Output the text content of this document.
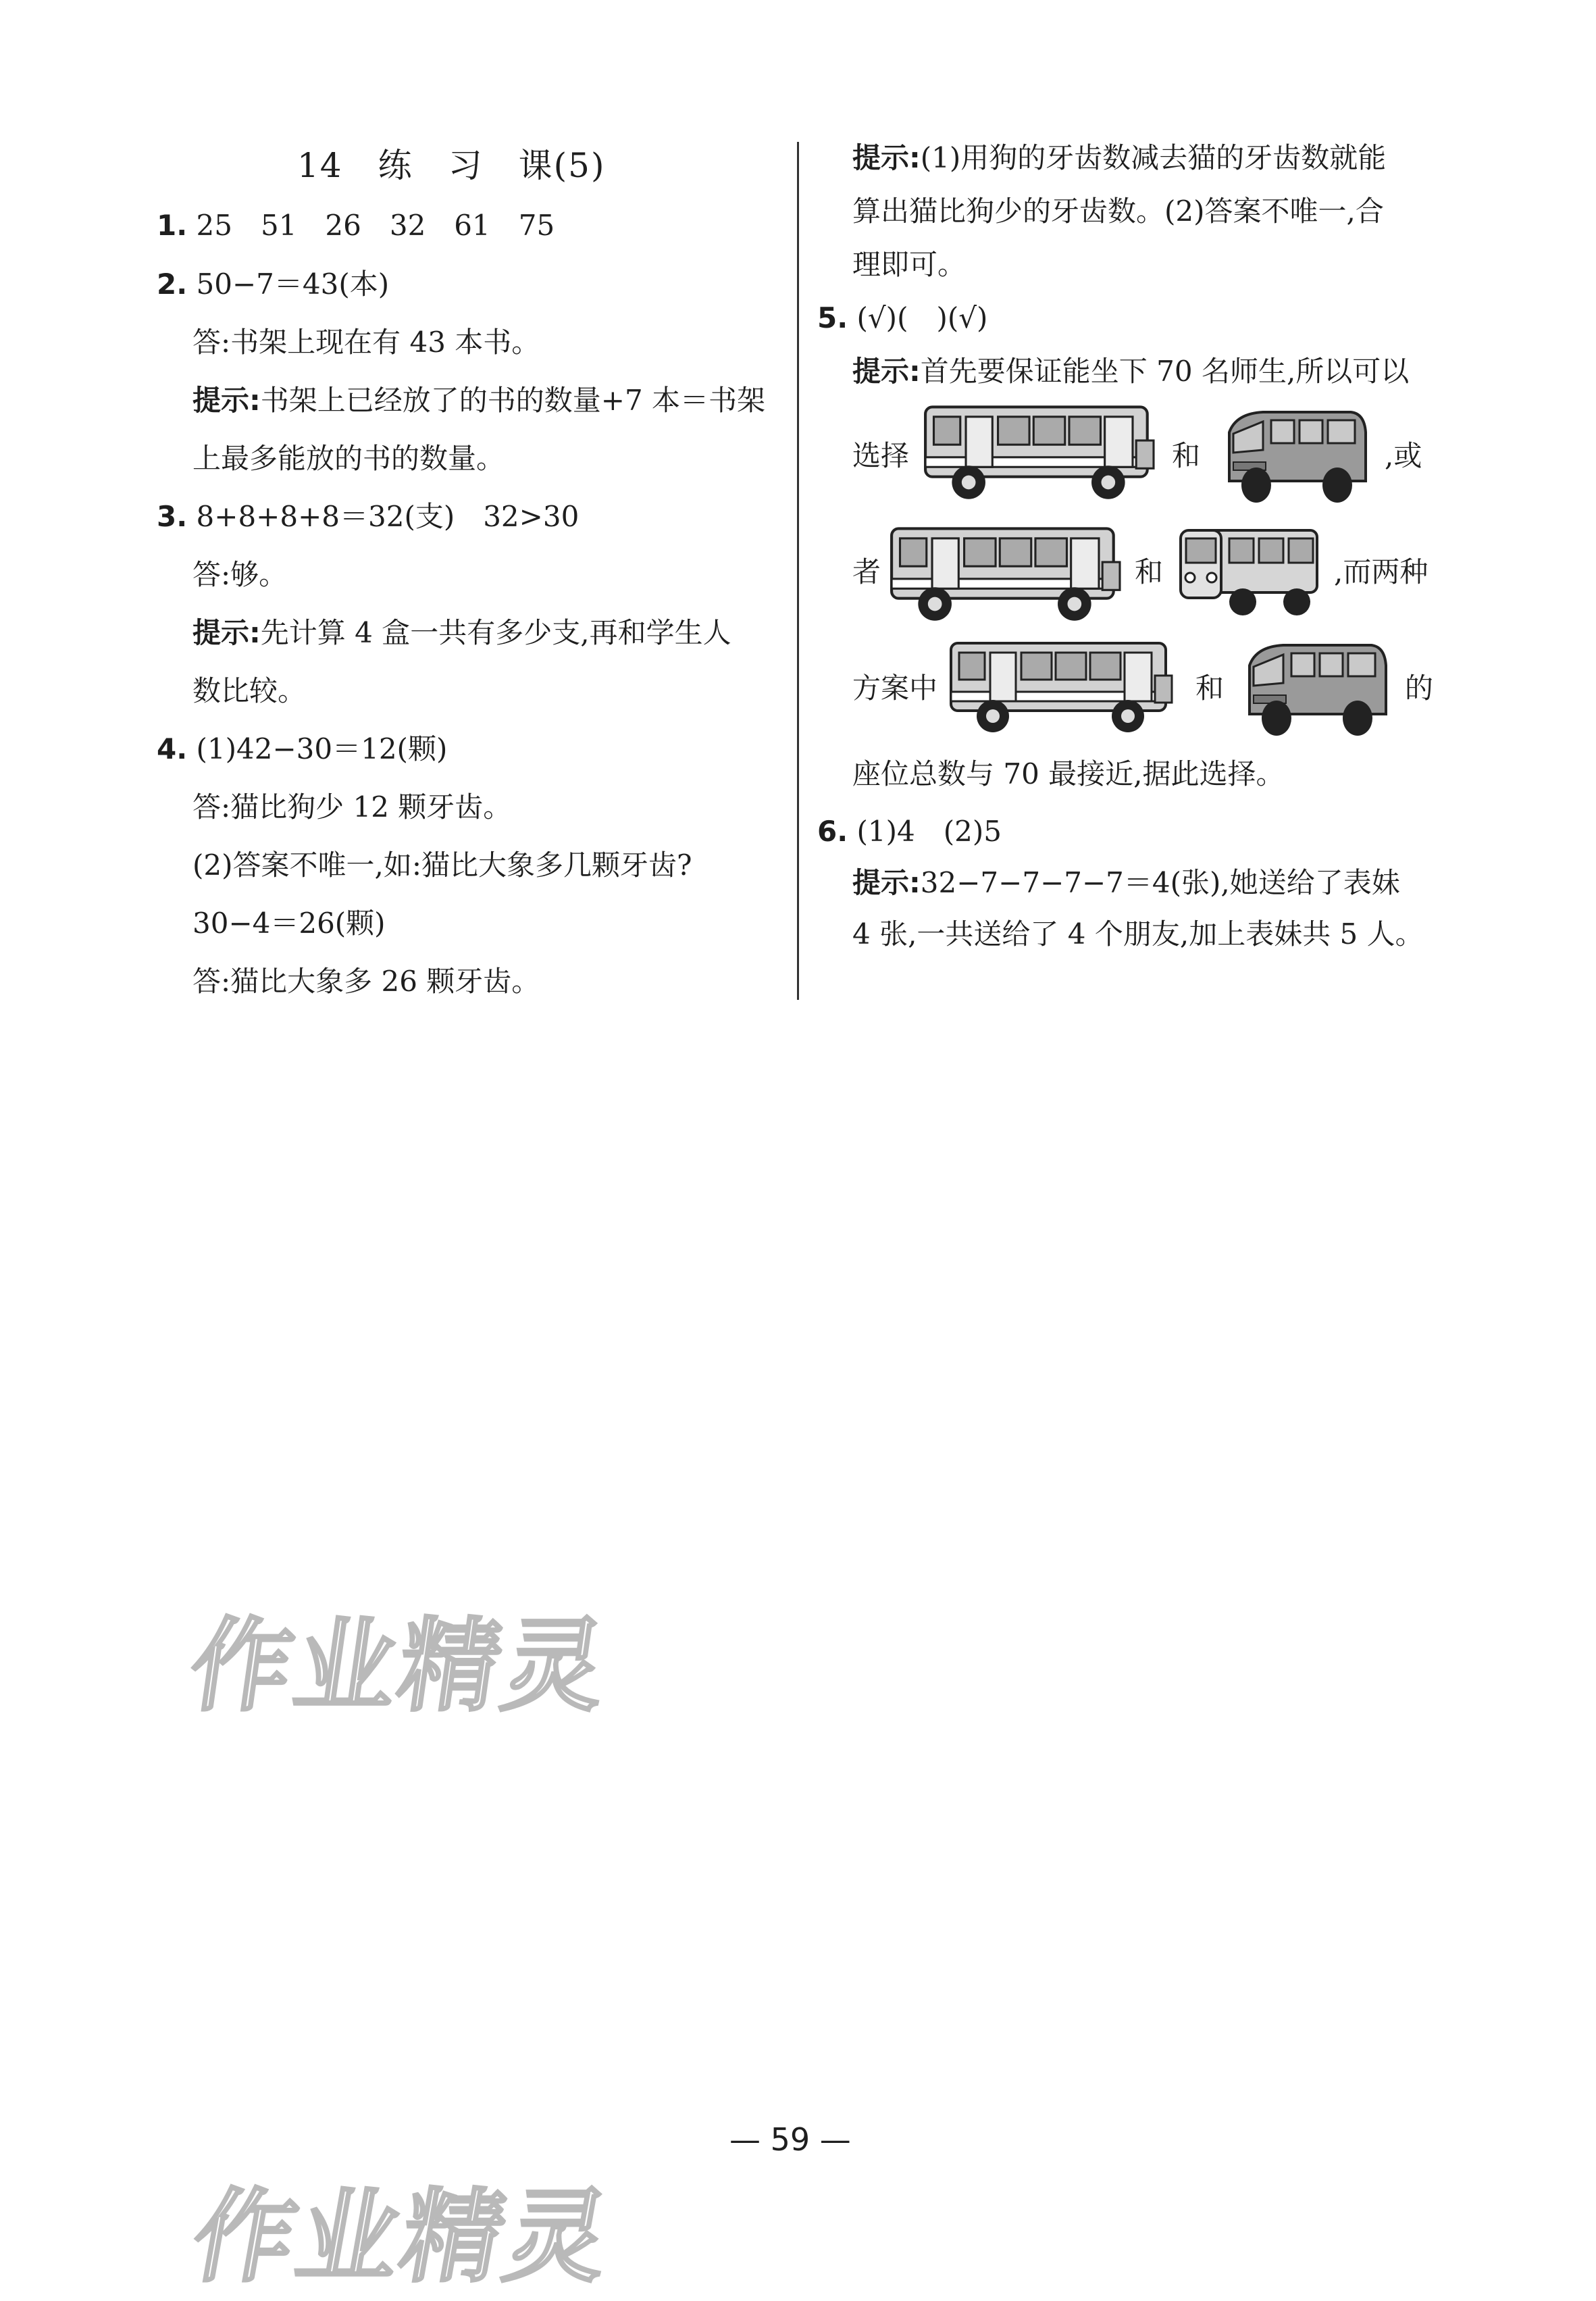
14　练　习　课(5)
1. 25　51　26　32　61　75
2. 50−7＝43(本)
答:书架上现在有 43 本书。
提示:书架上已经放了的书的数量+7 本＝书架
上最多能放的书的数量。
3. 8+8+8+8＝32(支)　32>30
答:够。
提示:先计算 4 盒一共有多少支,再和学生人
数比较。
4. (1)42−30＝12(颗)
答:猫比狗少 12 颗牙齿。
(2)答案不唯一,如:猫比大象多几颗牙齿?
30−4＝26(颗)
答:猫比大象多 26 颗牙齿。
提示:(1)用狗的牙齿数减去猫的牙齿数就能
算出猫比狗少的牙齿数。(2)答案不唯一,合
理即可。
5. (√)(　)(√)
提示:首先要保证能坐下 70 名师生,所以可以
选择	和	,或
者	和	,而两种
方案中	和	的
座位总数与 70 最接近,据此选择。
6. (1)4　(2)5
提示:32−7−7−7−7＝4(张),她送给了表妹
4 张,一共送给了 4 个朋友,加上表妹共 5 人。
作业精灵
— 59 —
作业精灵
